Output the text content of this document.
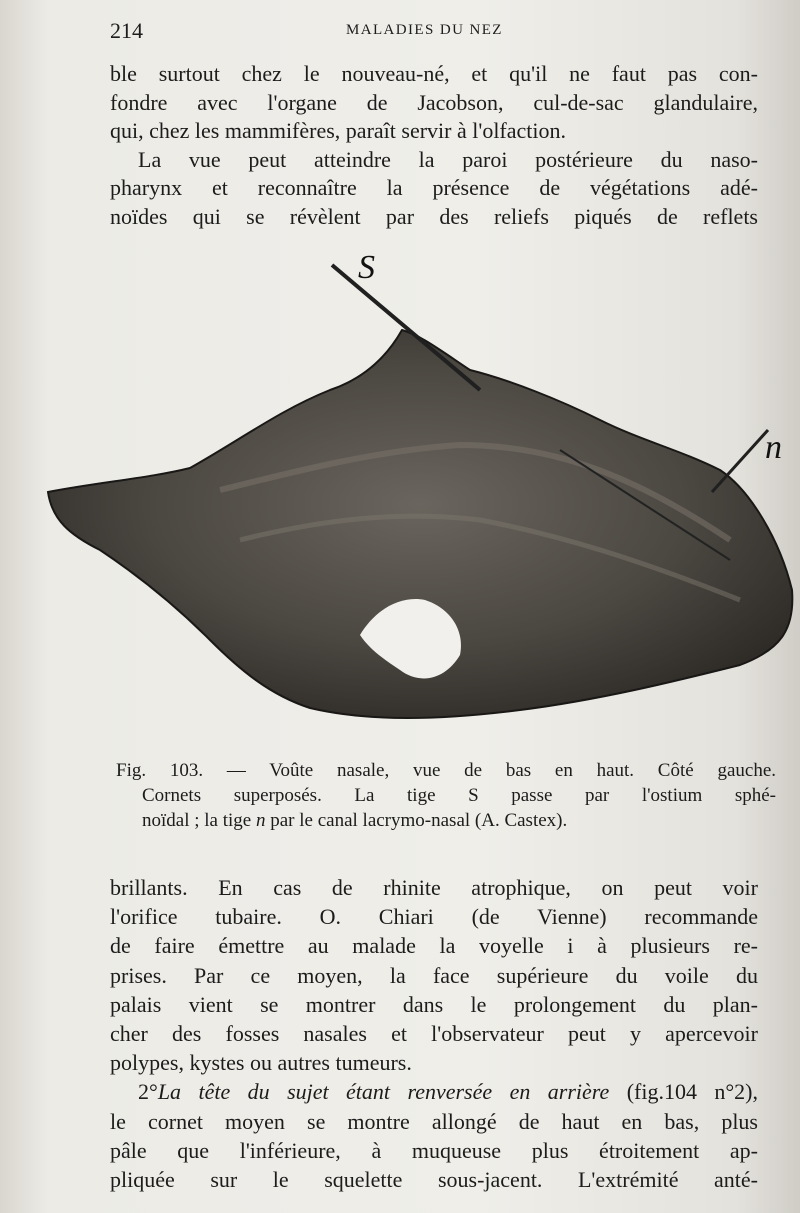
214	MALADIES DU NEZ
ble surtout chez le nouveau-né, et qu'il ne faut pas con-
fondre avec l'organe de Jacobson, cul-de-sac glandulaire,
qui, chez les mammifères, paraît servir à l'olfaction.
La vue peut atteindre la paroi postérieure du naso-
pharynx et reconnaître la présence de végétations adé-
noïdes qui se révèlent par des reliefs piqués de reflets
S
n
Fig. 103. — Voûte nasale, vue de bas en haut. Côté gauche.
Cornets superposés. La tige S passe par l'ostium sphé-
noïdal ; la tige n par le canal lacrymo-nasal (A. Castex).
brillants. En cas de rhinite atrophique, on peut voir
l'orifice tubaire. O. Chiari (de Vienne) recommande
de faire émettre au malade la voyelle i à plusieurs re-
prises. Par ce moyen, la face supérieure du voile du
palais vient se montrer dans le prolongement du plan-
cher des fosses nasales et l'observateur peut y apercevoir
polypes, kystes ou autres tumeurs.
2°La tête du sujet étant renversée en arrière (fig.104 n°2),
le cornet moyen se montre allongé de haut en bas, plus
pâle que l'inférieure, à muqueuse plus étroitement ap-
pliquée sur le squelette sous-jacent. L'extrémité anté-
